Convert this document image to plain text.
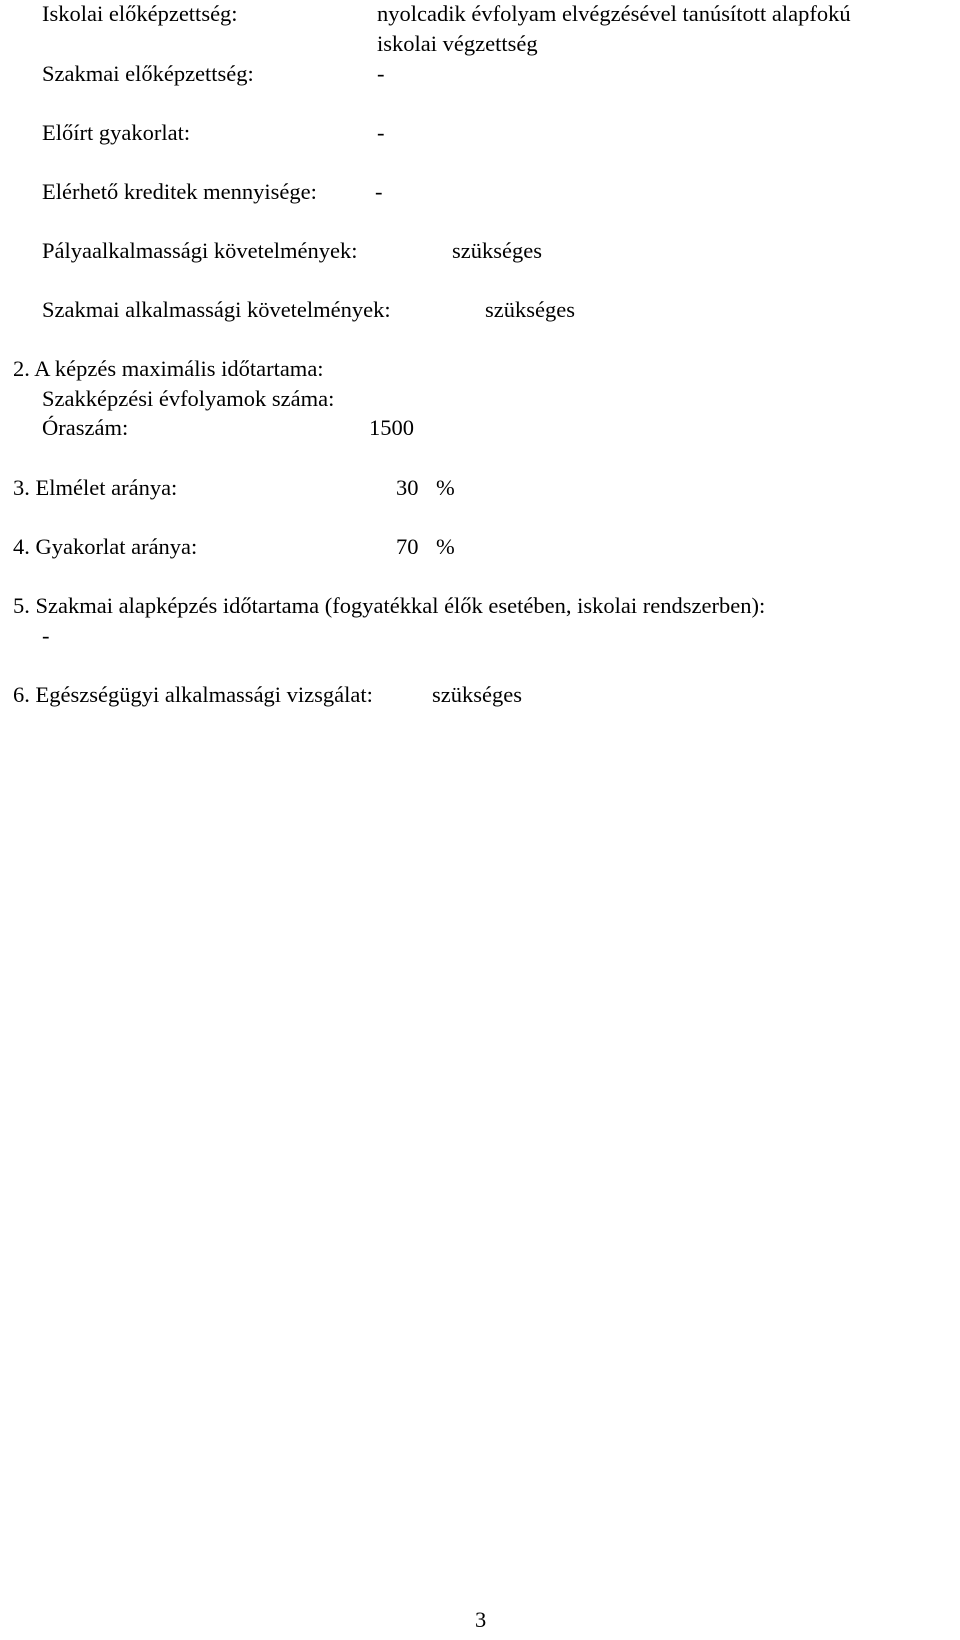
Iskolai előképzettség:	nyolcadik évfolyam elvégzésével tanúsított alapfokú
iskolai végzettség
Szakmai előképzettség:	-
Előírt gyakorlat:	-
Elérhető kreditek mennyisége:	-
Pályaalkalmassági követelmények:	szükséges
Szakmai alkalmassági követelmények:	szükséges
2. A képzés maximális időtartama:
Szakképzési évfolyamok száma:
Óraszám:	1500
3. Elmélet aránya:	30 %
4. Gyakorlat aránya:	70 %
5. Szakmai alapképzés időtartama (fogyatékkal élők esetében, iskolai rendszerben):
-
6. Egészségügyi alkalmassági vizsgálat:	szükséges
3
